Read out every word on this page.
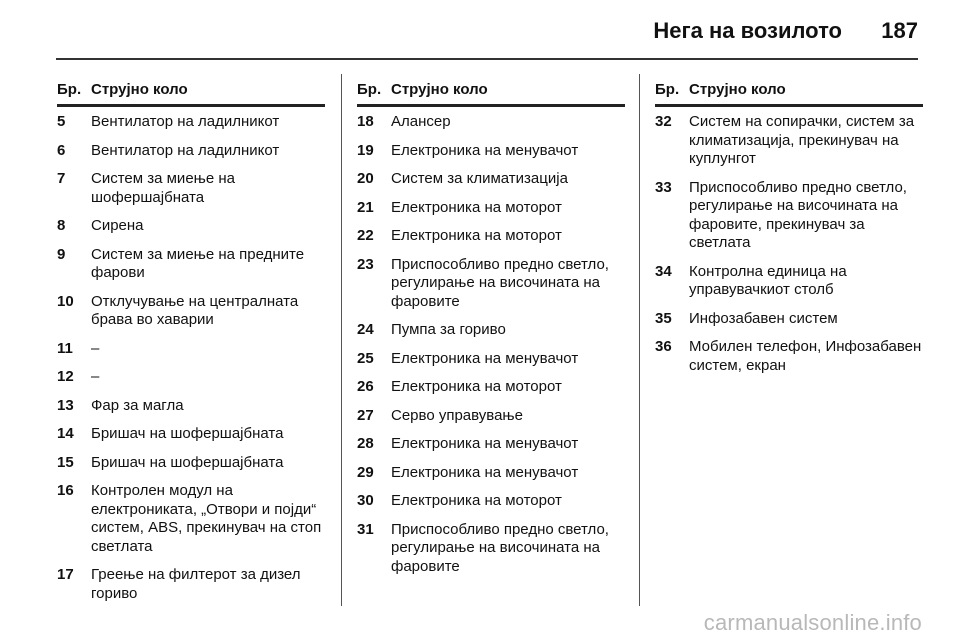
Нега на возилото 187
Бр. Струјно коло
5	Вентилатор на ладилникот
6	Вентилатор на ладилникот
7	Систем за миење на шофершајбната
8	Сирена
9	Систем за миење на предните фарови
10	Отклучување на централната брава во хаварии
11	–
12	–
13	Фар за магла
14	Бришач на шофершајбната
15	Бришач на шофершајбната
16	Контролен модул на електрониката, „Отвори и појди“ систем, ABS, прекинувач на стоп светлата
17	Греење на филтерот за дизел гориво
Бр. Струјно коло
18	Алансер
19	Електроника на менувачот
20	Систем за климатизација
21	Електроника на моторот
22	Електроника на моторот
23	Приспособливо предно светло, регулирање на височината на фаровите
24	Пумпа за гориво
25	Електроника на менувачот
26	Електроника на моторот
27	Серво управување
28	Електроника на менувачот
29	Електроника на менувачот
30	Електроника на моторот
31	Приспособливо предно светло, регулирање на височината на фаровите
Бр. Струјно коло
32	Систем на сопирачки, систем за климатизација, прекинувач на куплунгот
33	Приспособливо предно светло, регулирање на височината на фаровите, прекинувач за светлата
34	Контролна единица на управувачкиот столб
35	Инфозабавен систем
36	Мобилен телефон, Инфозабавен систем, екран
carmanualsonline.info
